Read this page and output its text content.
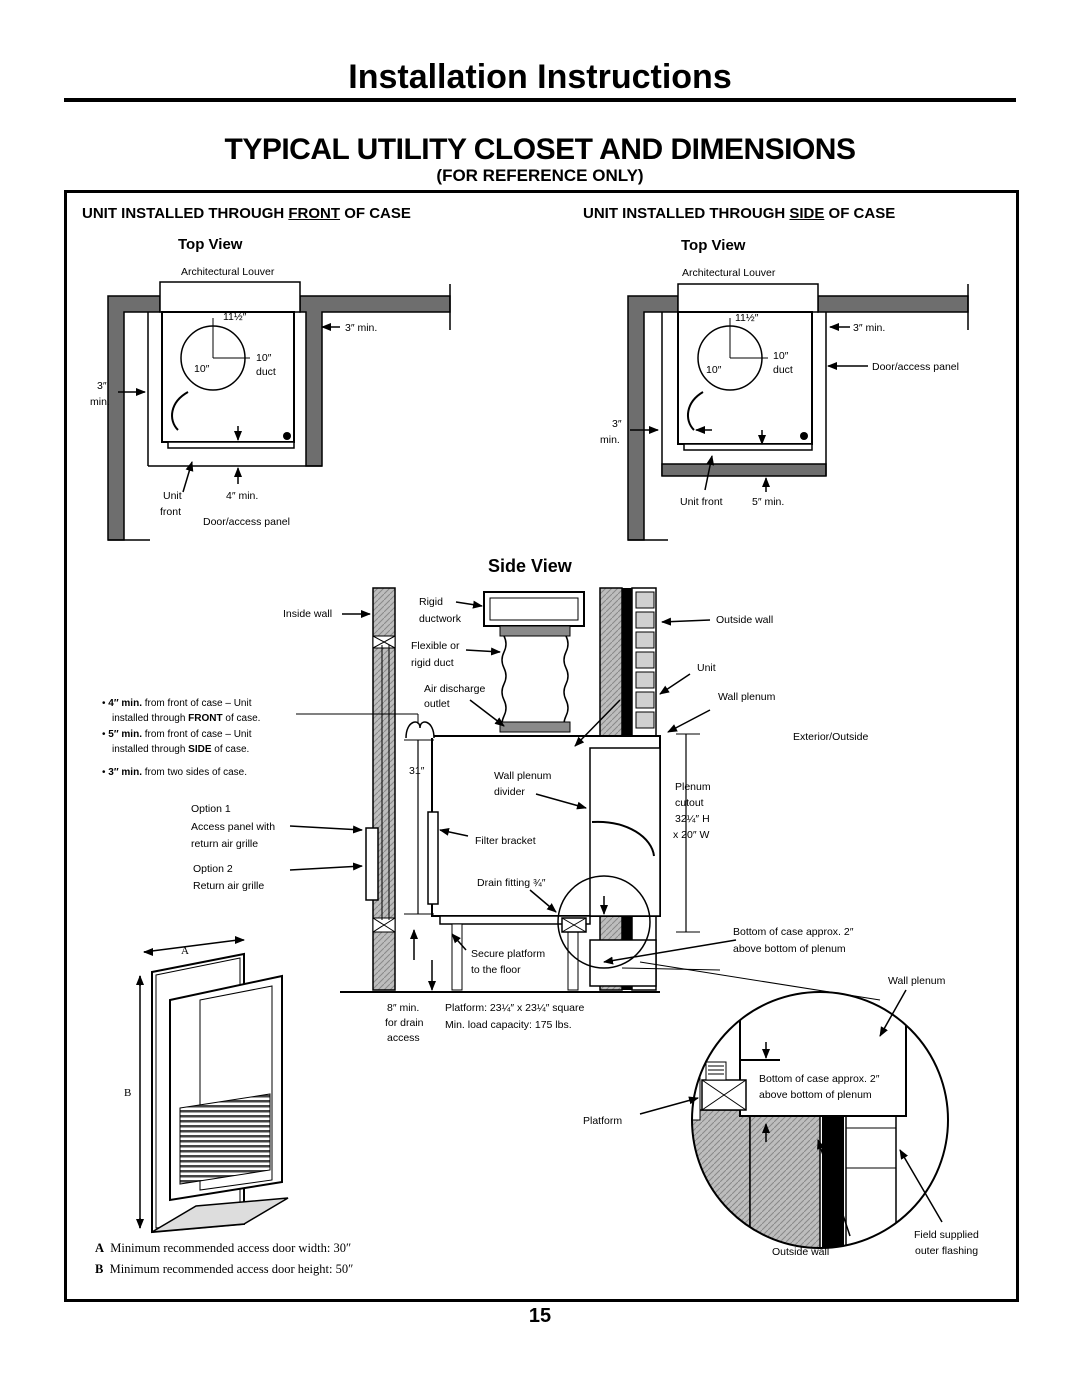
Installation Instructions
TYPICAL UTILITY CLOSET AND DIMENSIONS
(FOR REFERENCE ONLY)
UNIT INSTALLED THROUGH FRONT OF CASE	UNIT INSTALLED THROUGH SIDE OF CASE
Top View	Top View
Architectural Louver
11½″
3″ min.
10″
10″
duct
3″
min.
Unit
front
4″ min.
Door/access panel
Architectural Louver
11½″
3″ min.
10″
10″
duct	Door/access panel
3″
min.
Unit front	5″ min.
Side View
Inside wall
Rigid
ductwork
Flexible or
rigid duct
Air discharge
outlet
Outside wall
Unit
Wall plenum
Exterior/Outside
31″	Wall plenum
divider	Plenum
cutout
32¼″ H
x 20″ W
Option 1
Access panel with
return air grille	Filter bracket
Option 2
Return air grille	Drain fitting ¾″
Bottom of case approx. 2″
above bottom of plenum
Secure platform
to the floor
Wall plenum
8″ min.
for drain
access
Platform: 23¼″ x 23¼″ square
Min. load capacity: 175 lbs.
Bottom of case approx. 2″
above bottom of plenum
Platform
Outside wall
Field supplied
outer flashing
• 4″ min. from front of case – Unit
installed through FRONT of case.
• 5″ min. from front of case – Unit
installed through SIDE of case.
• 3″ min. from two sides of case.
A
B
A Minimum recommended access door width: 30″
B Minimum recommended access door height: 50″
15
